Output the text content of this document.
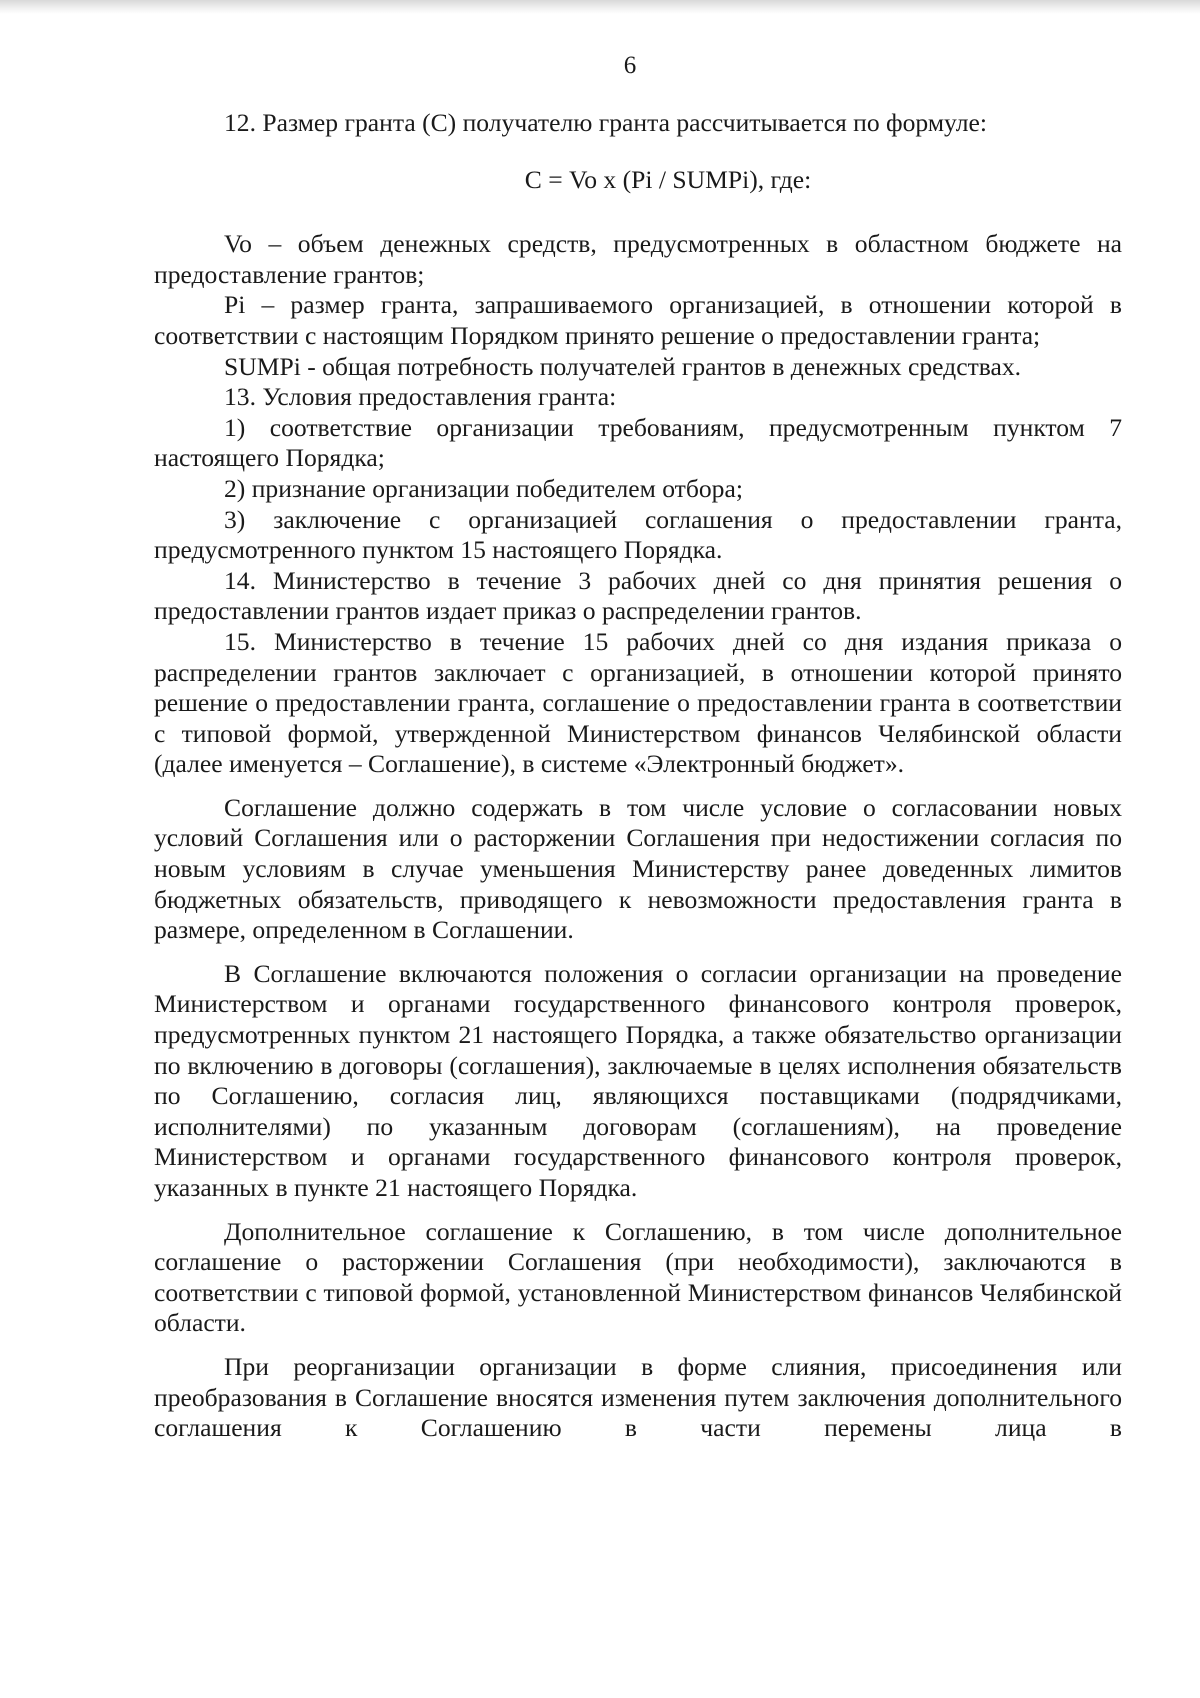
6

12. Размер гранта (С) получателю гранта рассчитывается по формуле:

С = Vo x (Pi / SUMPi), где:

Vo – объем денежных средств, предусмотренных в областном бюджете на предоставление грантов;

Pi – размер гранта, запрашиваемого организацией, в отношении которой в соответствии с настоящим Порядком принято решение о предоставлении гранта;

SUMPi - общая потребность получателей грантов в денежных средствах.

13. Условия предоставления гранта:

1) соответствие организации требованиям, предусмотренным пунктом 7 настоящего Порядка;

2) признание организации победителем отбора;

3) заключение с организацией соглашения о предоставлении гранта, предусмотренного пунктом 15 настоящего Порядка.

14. Министерство в течение 3 рабочих дней со дня принятия решения о предоставлении грантов издает приказ о распределении грантов.

15. Министерство в течение 15 рабочих дней со дня издания приказа о распределении грантов заключает с организацией, в отношении которой принято решение о предоставлении гранта, соглашение о предоставлении гранта в соответствии с типовой формой, утвержденной Министерством финансов Челябинской области (далее именуется – Соглашение), в системе «Электронный бюджет».

Соглашение должно содержать в том числе условие о согласовании новых условий Соглашения или о расторжении Соглашения при недостижении согласия по новым условиям в случае уменьшения Министерству ранее доведенных лимитов бюджетных обязательств, приводящего к невозможности предоставления гранта в размере, определенном в Соглашении.

В Соглашение включаются положения о согласии организации на проведение Министерством и органами государственного финансового контроля проверок, предусмотренных пунктом 21 настоящего Порядка, а также обязательство организации по включению в договоры (соглашения), заключаемые в целях исполнения обязательств по Соглашению, согласия лиц, являющихся поставщиками (подрядчиками, исполнителями) по указанным договорам (соглашениям), на проведение Министерством и органами государственного финансового контроля проверок, указанных в пункте 21 настоящего Порядка.

Дополнительное соглашение к Соглашению, в том числе дополнительное соглашение о расторжении Соглашения (при необходимости), заключаются в соответствии с типовой формой, установленной Министерством финансов Челябинской области.

При реорганизации организации в форме слияния, присоединения или преобразования в Соглашение вносятся изменения путем заключения дополнительного соглашения к Соглашению в части перемены лица в
